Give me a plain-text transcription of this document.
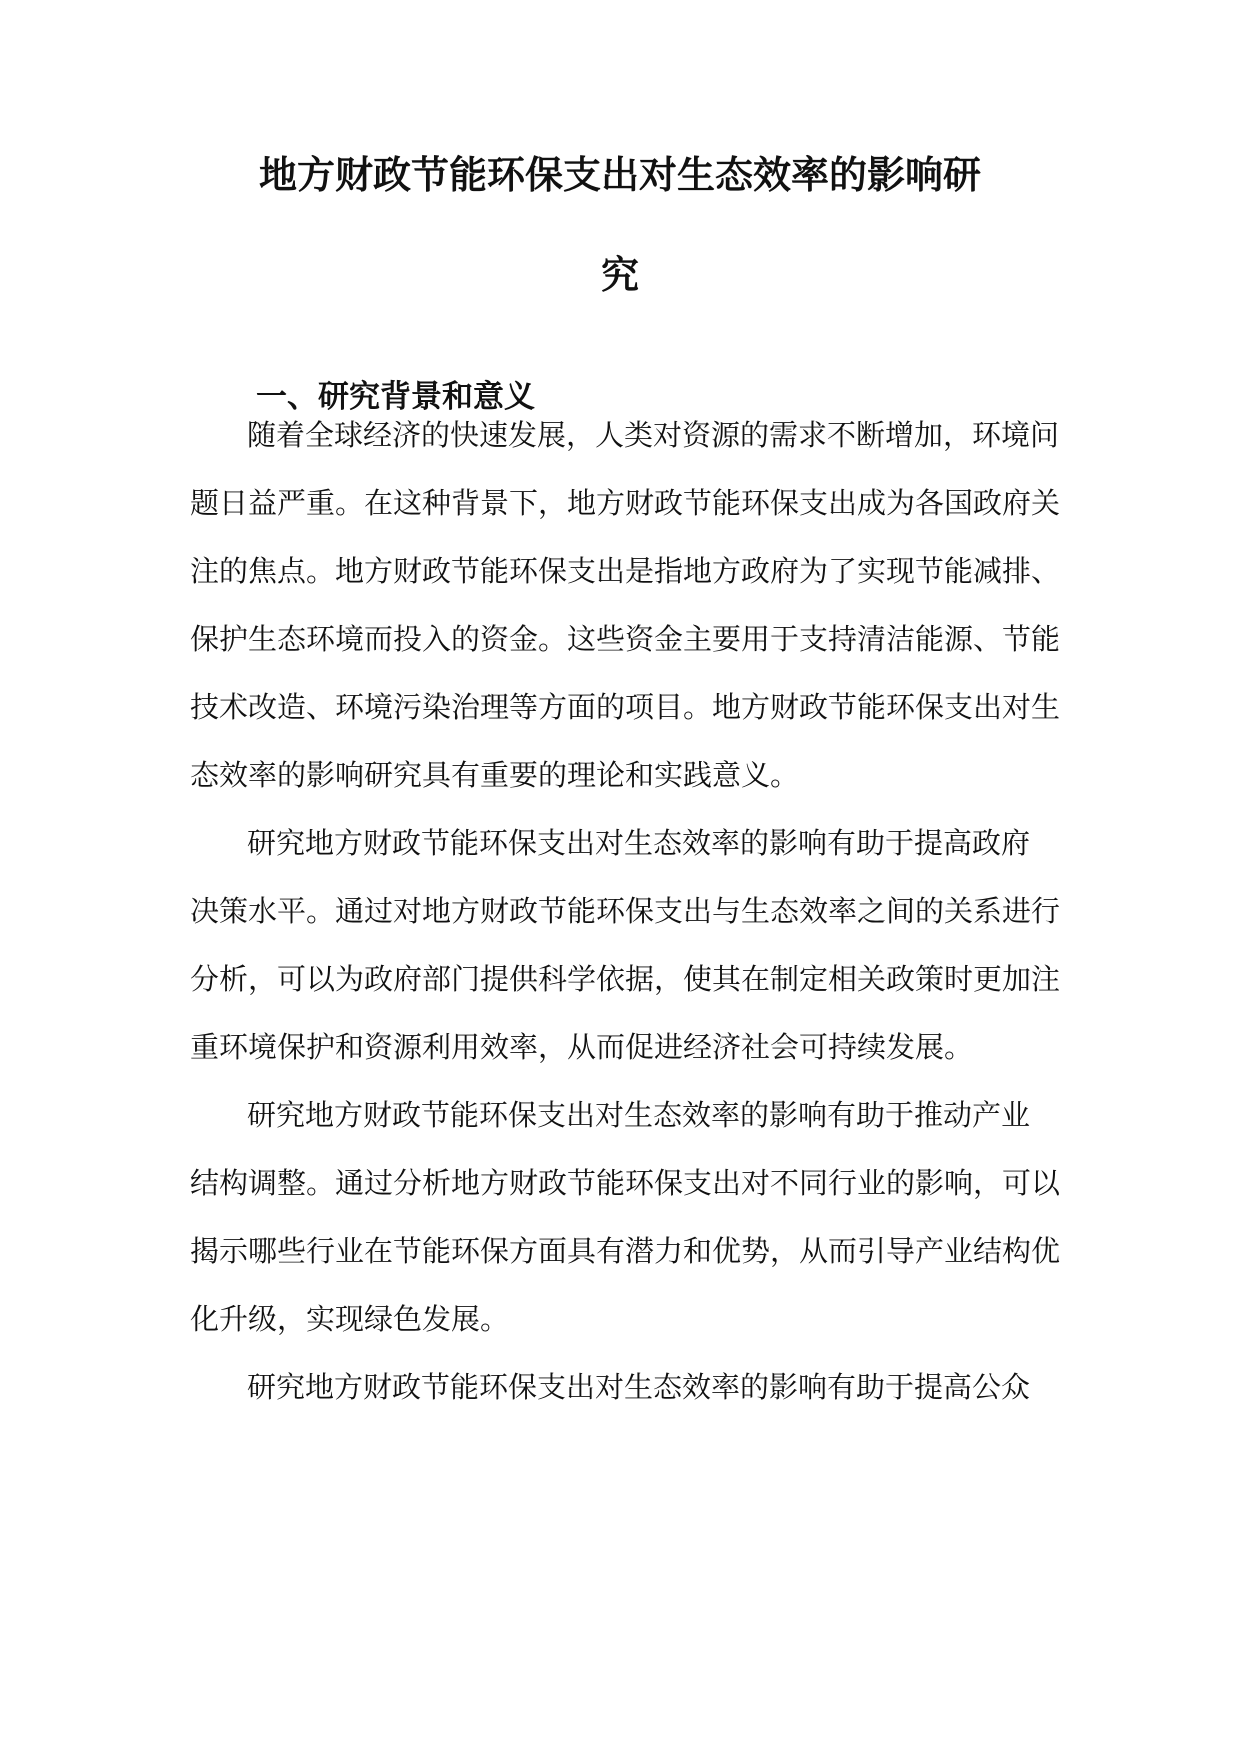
地方财政节能环保支出对生态效率的影响研
究
一、研究背景和意义

随着全球经济的快速发展，人类对资源的需求不断增加，环境问

题日益严重。在这种背景下，地方财政节能环保支出成为各国政府关

注的焦点。地方财政节能环保支出是指地方政府为了实现节能减排、

保护生态环境而投入的资金。这些资金主要用于支持清洁能源、节能

技术改造、环境污染治理等方面的项目。地方财政节能环保支出对生

态效率的影响研究具有重要的理论和实践意义。

研究地方财政节能环保支出对生态效率的影响有助于提高政府

决策水平。通过对地方财政节能环保支出与生态效率之间的关系进行

分析，可以为政府部门提供科学依据，使其在制定相关政策时更加注

重环境保护和资源利用效率，从而促进经济社会可持续发展。

研究地方财政节能环保支出对生态效率的影响有助于推动产业

结构调整。通过分析地方财政节能环保支出对不同行业的影响，可以

揭示哪些行业在节能环保方面具有潜力和优势，从而引导产业结构优

化升级，实现绿色发展。

研究地方财政节能环保支出对生态效率的影响有助于提高公众
